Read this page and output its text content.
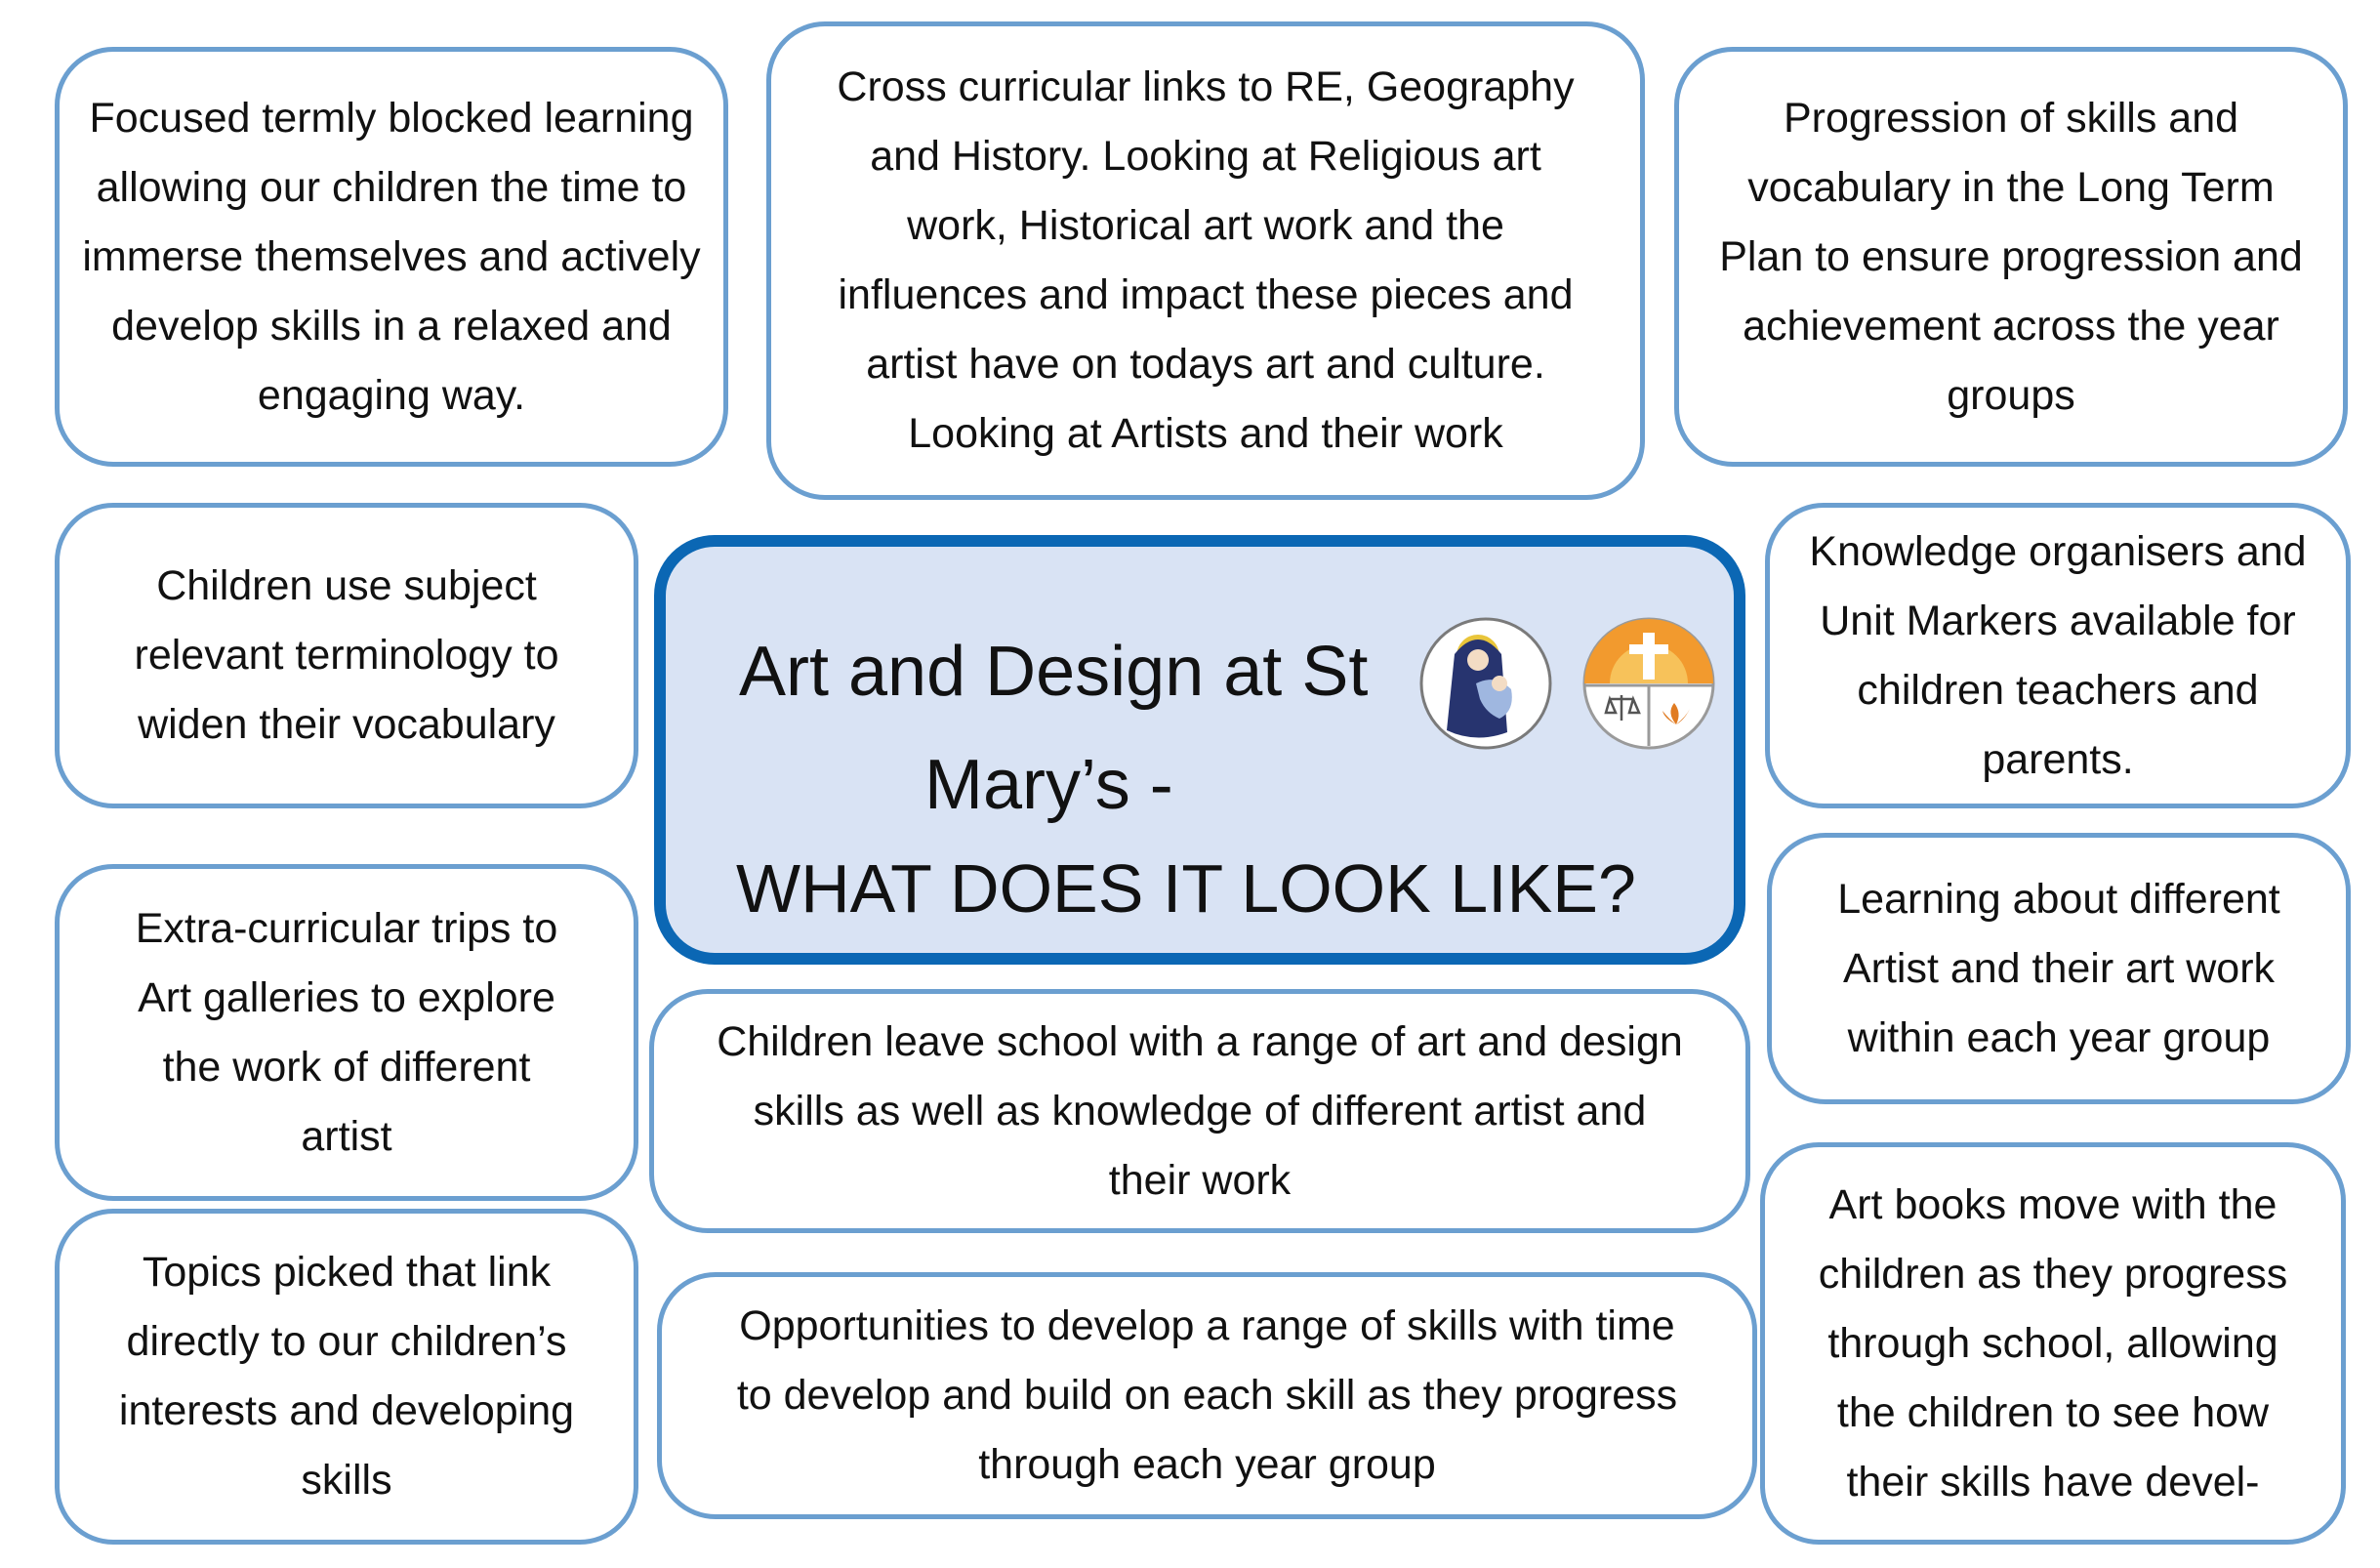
Focused termly blocked learning
allowing our children the time to
immerse themselves and actively
develop skills in a relaxed and
engaging way.
Cross curricular links to RE, Geography
and History. Looking at Religious art
work, Historical art work and the
influences and impact these pieces and
artist have on todays art and culture.
Looking at Artists and their work
Progression of skills and
vocabulary in the Long Term
Plan to ensure progression and
achievement across the year
groups
Children use subject
relevant terminology to
widen their vocabulary
Art and Design at St
Mary’s -
WHAT DOES IT LOOK LIKE?
Knowledge organisers and
Unit Markers available for
children teachers and
parents.
Extra-curricular trips to
Art galleries to explore
the work of different
artist
Learning about different
Artist and their art work
within each year group
Children leave school with a range of art and design
skills as well as knowledge of different artist and
their work
Topics picked that link
directly to our children’s
interests and developing
skills
Opportunities to develop a range of skills with time
to develop and build on each skill as they progress
through each year group
Art books move with the
children as they progress
through school, allowing
the children to see how
their skills have devel-
